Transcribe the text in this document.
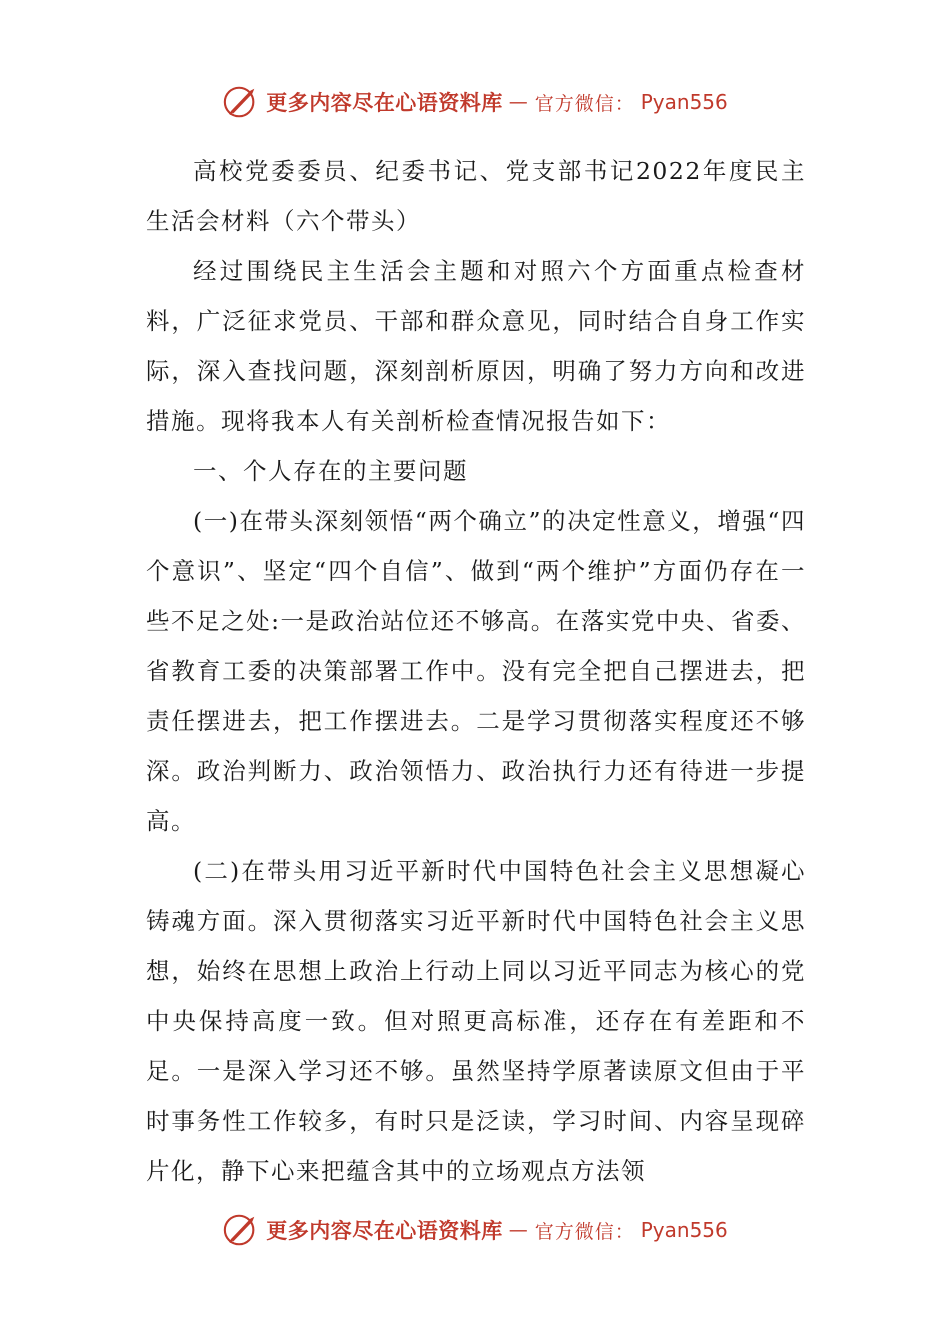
更多内容尽在心语资料库 — 官方微信： Pyan556

高校党委委员、纪委书记、党支部书记2022年度民主生活会材料（六个带头）

经过围绕民主生活会主题和对照六个方面重点检查材料，广泛征求党员、干部和群众意见，同时结合自身工作实际，深入查找问题，深刻剖析原因，明确了努力方向和改进措施。现将我本人有关剖析检查情况报告如下：

一、个人存在的主要问题

(一)在带头深刻领悟“两个确立”的决定性意义，增强“四个意识”、坚定“四个自信”、做到“两个维护”方面仍存在一些不足之处:一是政治站位还不够高。在落实党中央、省委、省教育工委的决策部署工作中。没有完全把自己摆进去，把责任摆进去，把工作摆进去。二是学习贯彻落实程度还不够深。政治判断力、政治领悟力、政治执行力还有待进一步提高。

(二)在带头用习近平新时代中国特色社会主义思想凝心铸魂方面。深入贯彻落实习近平新时代中国特色社会主义思想，始终在思想上政治上行动上同以习近平同志为核心的党中央保持高度一致。但对照更高标准，还存在有差距和不足。一是深入学习还不够。虽然坚持学原著读原文但由于平时事务性工作较多，有时只是泛读，学习时间、内容呈现碎片化，静下心来把蕴含其中的立场观点方法领

更多内容尽在心语资料库 — 官方微信： Pyan556
